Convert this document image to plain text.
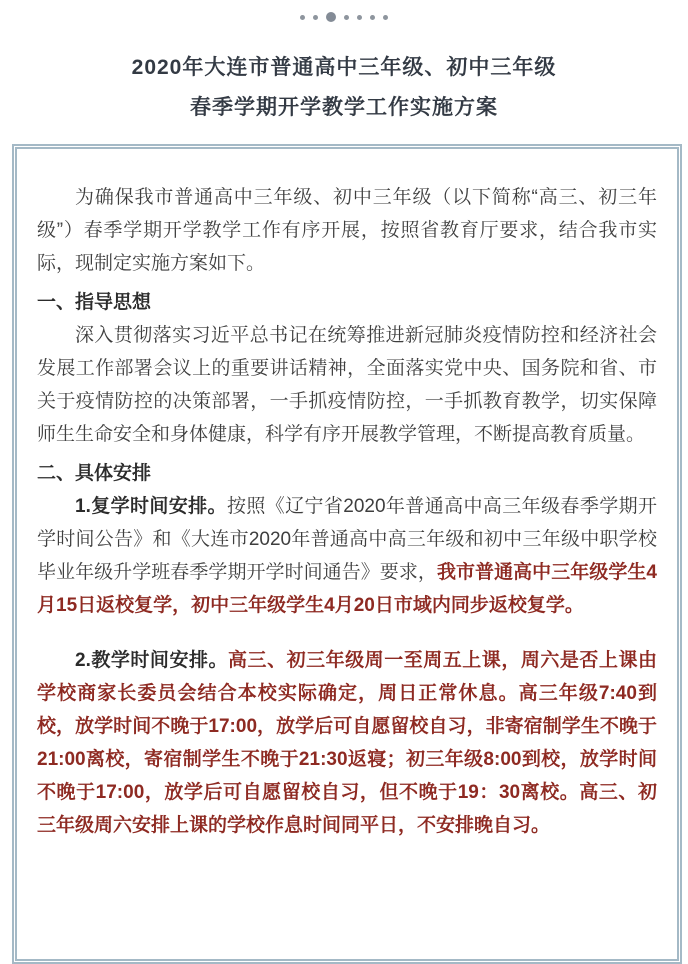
2020年大连市普通高中三年级、初中三年级
春季学期开学教学工作实施方案

为确保我市普通高中三年级、初中三年级（以下简称“高三、初三年级”）春季学期开学教学工作有序开展，按照省教育厅要求，结合我市实际，现制定实施方案如下。

一、指导思想

深入贯彻落实习近平总书记在统筹推进新冠肺炎疫情防控和经济社会发展工作部署会议上的重要讲话精神，全面落实党中央、国务院和省、市关于疫情防控的决策部署，一手抓疫情防控，一手抓教育教学，切实保障师生生命安全和身体健康，科学有序开展教学管理，不断提高教育质量。

二、具体安排

1.复学时间安排。按照《辽宁省2020年普通高中高三年级春季学期开学时间公告》和《大连市2020年普通高中高三年级和初中三年级中职学校毕业年级升学班春季学期开学时间通告》要求，我市普通高中三年级学生4月15日返校复学，初中三年级学生4月20日市域内同步返校复学。

2.教学时间安排。高三、初三年级周一至周五上课，周六是否上课由学校商家长委员会结合本校实际确定，周日正常休息。高三年级7:40到校，放学时间不晚于17:00，放学后可自愿留校自习，非寄宿制学生不晚于21:00离校，寄宿制学生不晚于21:30返寝；初三年级8:00到校，放学时间不晚于17:00，放学后可自愿留校自习，但不晚于19：30离校。高三、初三年级周六安排上课的学校作息时间同平日，不安排晚自习。
